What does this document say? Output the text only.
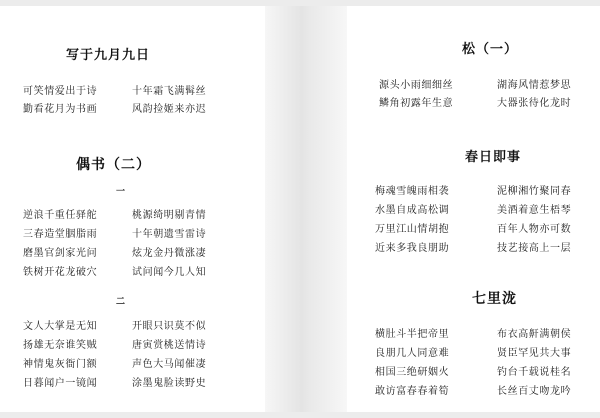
写于九月九日
可笑情爱出于诗	十年霜飞满髯丝
勤看花月为书画	风韵捡姬来亦迟
偶书（二）
一
逆浪千重任驿舵	桃源绮明剔青情
三春造堂胭脂雨	十年朝遗雪雷诗
磨墨官剑家光问	炫龙金丹微涨凄
铁树开花龙破穴	试问闻今几人知
二
文人大掌是无知	开眼只识莫不似
扬雄无奈谁笑贼	唐寅赏桃送情诗
神情鬼灰衙门额	声色大马闻催凄
日暮闻户一镜闻	涂墨鬼脸读野史
松（一）
源头小雨细细丝	湖海风情惹梦思
鳞角初露年生意	大器张待化龙时
春日即事
梅魂雪魄雨相袭	泥柳湘竹聚同春
水墨自成高松调	美酒着意生梧琴
万里江山情胡抱	百年人物亦可数
近来多我良朋助	技艺接高上一层
七里泷
横肚斗半把帝里	布衣高鼾满朝侯
良朋几人同意难	贤臣罕见共大事
相国三绝研姻火	钓台千载说桂名
敢访富春春着筍	长丝百丈吻龙吟
